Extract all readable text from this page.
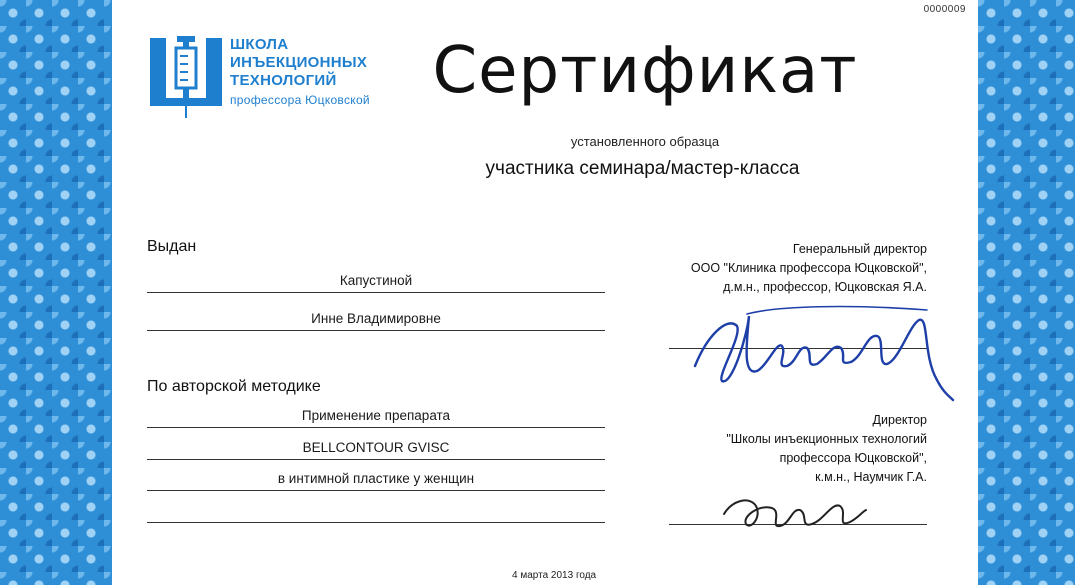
0000009
ШКОЛА
ИНЪЕКЦИОННЫХ
ТЕХНОЛОГИЙ
профессора Юцковской Сертификат
установленного образца
участника семинара/мастер-класса
Выдан
Капустиной
Инне Владимировне
По авторской методике
Применение препарата
BELLCONTOUR GVISC
в интимной пластике у женщин
Генеральный директор
ООО "Клиника профессора Юцковской",
д.м.н., профессор, Юцковская Я.А.
Директор
"Школы инъекционных технологий
профессора Юцковской",
к.м.н., Наумчик Г.А.
4 марта 2013 года
